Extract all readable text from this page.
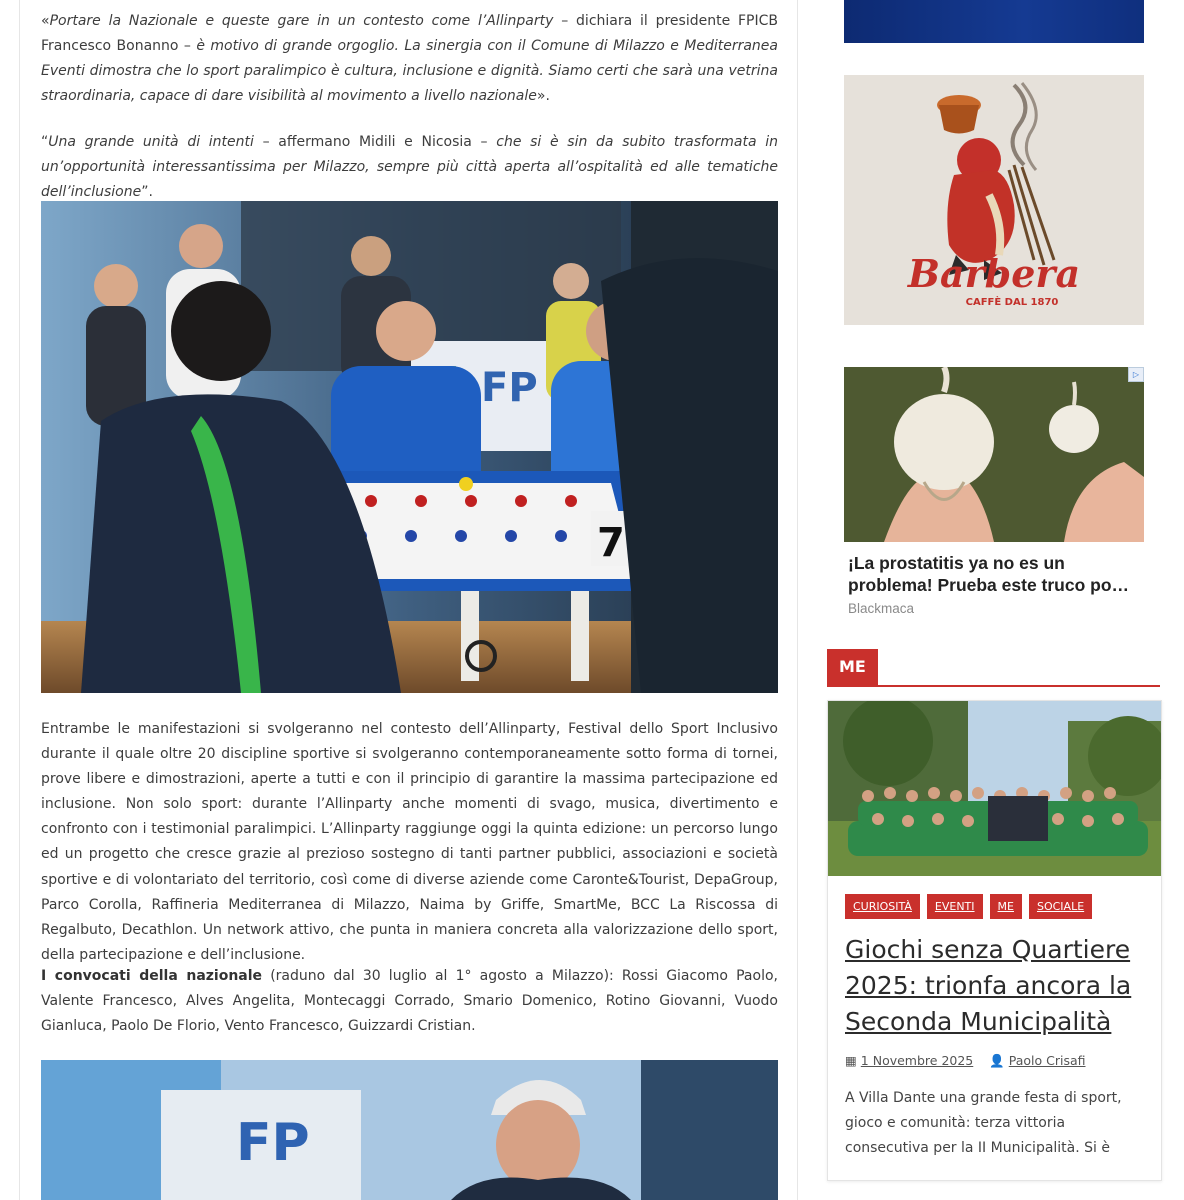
«Portare la Nazionale e queste gare in un contesto come l’Allinparty – dichiara il presidente FPICB Francesco Bonanno – è motivo di grande orgoglio. La sinergia con il Comune di Milazzo e Mediterranea Eventi dimostra che lo sport paralimpico è cultura, inclusione e dignità. Siamo certi che sarà una vetrina straordinaria, capace di dare visibilità al movimento a livello nazionale».

“Una grande unità di intenti – affermano Midili e Nicosia – che si è sin da subito trasformata in un’opportunità interessantissima per Milazzo, sempre più città aperta all’ospitalità ed alle tematiche dell’inclusione”.

FP
7

Entrambe le manifestazioni si svolgeranno nel contesto dell’Allinparty, Festival dello Sport Inclusivo durante il quale oltre 20 discipline sportive si svolgeranno contemporaneamente sotto forma di tornei, prove libere e dimostrazioni, aperte a tutti e con il principio di garantire la massima partecipazione ed inclusione. Non solo sport: durante l’Allinparty anche momenti di svago, musica, divertimento e confronto con i testimonial paralimpici. L’Allinparty raggiunge oggi la quinta edizione: un percorso lungo ed un progetto che cresce grazie al prezioso sostegno di tanti partner pubblici, associazioni e società sportive e di volontariato del territorio, così come di diverse aziende come Caronte&Tourist, DepaGroup, Parco Corolla, Raffineria Mediterranea di Milazzo, Naima by Griffe, SmartMe, BCC La Riscossa di Regalbuto, Decathlon. Un network attivo, che punta in maniera concreta alla valorizzazione dello sport, della partecipazione e dell’inclusione.

I convocati della nazionale (raduno dal 30 luglio al 1° agosto a Milazzo): Rossi Giacomo Paolo, Valente Francesco, Alves Angelita, Montecaggi Corrado, Smario Domenico, Rotino Giovanni, Vuodo Gianluca, Paolo De Florio, Vento Francesco, Guizzardi Cristian.

FP
Barbera
CAFFÈ DAL 1870
▷
¡La prostatitis ya no es un problema! Prueba este truco po…
Blackmaca
ME
CURIOSITÀ EVENTI ME SOCIALE
Giochi senza Quartiere 2025: trionfa ancora la Seconda Municipalità
▦ 1 Novembre 2025 👤 Paolo Crisafi
A Villa Dante una grande festa di sport, gioco e comunità: terza vittoria consecutiva per la II Municipalità. Si è
